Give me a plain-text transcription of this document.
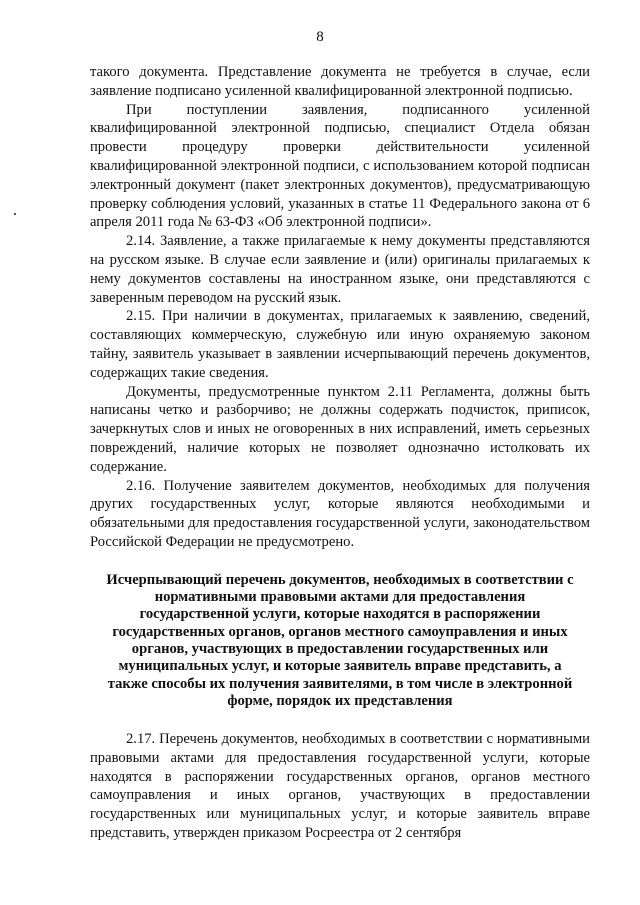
8

такого документа. Представление документа не требуется в случае, если заявление подписано усиленной квалифицированной электронной подписью.

При поступлении заявления, подписанного усиленной квалифицированной электронной подписью, специалист Отдела обязан провести процедуру проверки действительности усиленной квалифицированной электронной подписи, с использованием которой подписан электронный документ (пакет электронных документов), предусматривающую проверку соблюдения условий, указанных в статье 11 Федерального закона от 6 апреля 2011 года № 63-ФЗ «Об электронной подписи».

2.14. Заявление, а также прилагаемые к нему документы представляются на русском языке. В случае если заявление и (или) оригиналы прилагаемых к нему документов составлены на иностранном языке, они представляются с заверенным переводом на русский язык.

2.15. При наличии в документах, прилагаемых к заявлению, сведений, составляющих коммерческую, служебную или иную охраняемую законом тайну, заявитель указывает в заявлении исчерпывающий перечень документов, содержащих такие сведения.

Документы, предусмотренные пунктом 2.11 Регламента, должны быть написаны четко и разборчиво; не должны содержать подчисток, приписок, зачеркнутых слов и иных не оговоренных в них исправлений, иметь серьезных повреждений, наличие которых не позволяет однозначно истолковать их содержание.

2.16. Получение заявителем документов, необходимых для получения других государственных услуг, которые являются необходимыми и обязательными для предоставления государственной услуги, законодательством Российской Федерации не предусмотрено.

Исчерпывающий перечень документов, необходимых в соответствии с нормативными правовыми актами для предоставления государственной услуги, которые находятся в распоряжении государственных органов, органов местного самоуправления и иных органов, участвующих в предоставлении государственных или муниципальных услуг, и которые заявитель вправе представить, а также способы их получения заявителями, в том числе в электронной форме, порядок их представления

2.17. Перечень документов, необходимых в соответствии с нормативными правовыми актами для предоставления государственной услуги, которые находятся в распоряжении государственных органов, органов местного самоуправления и иных органов, участвующих в предоставлении государственных или муниципальных услуг, и которые заявитель вправе представить, утвержден приказом Росреестра от 2 сентября
